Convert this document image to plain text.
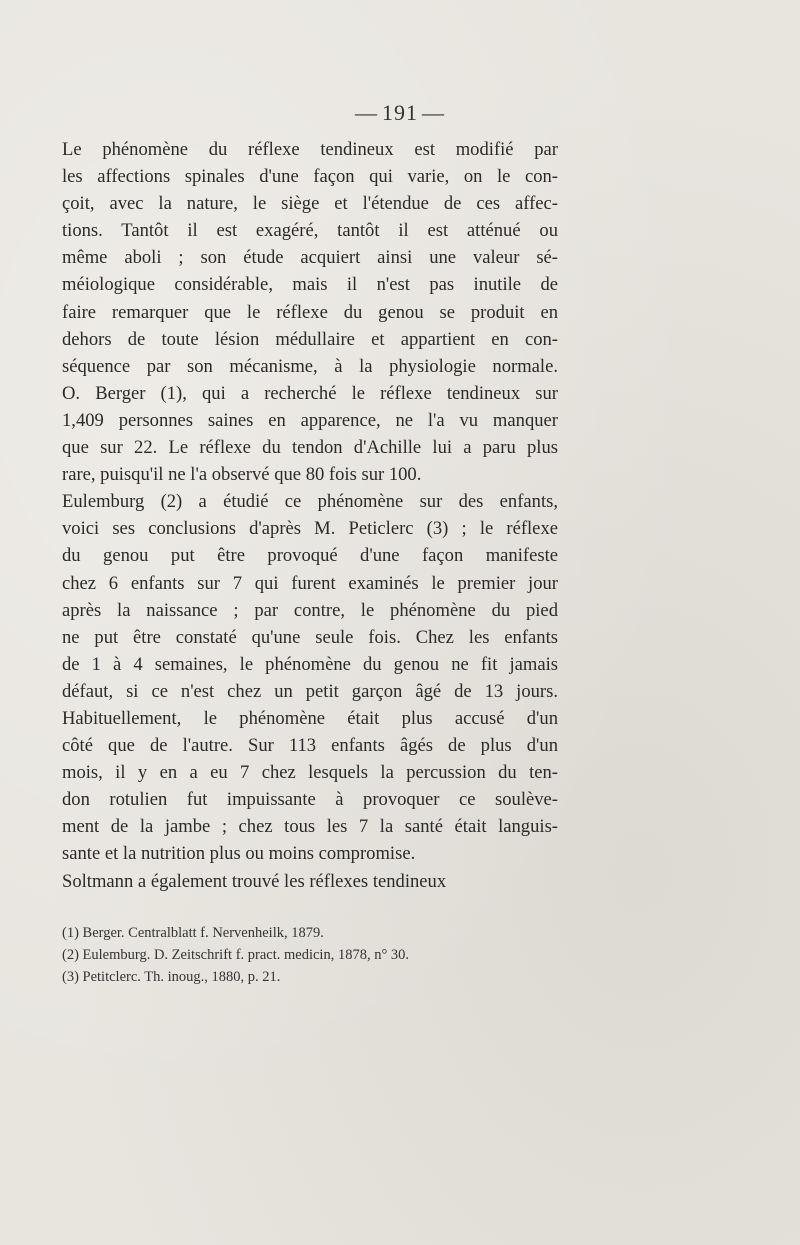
— 191 —
Le phénomène du réflexe tendineux est modifié par
les affections spinales d'une façon qui varie, on le con-
çoit, avec la nature, le siège et l'étendue de ces affec-
tions. Tantôt il est exagéré, tantôt il est atténué ou
même aboli ; son étude acquiert ainsi une valeur sé-
méiologique considérable, mais il n'est pas inutile de
faire remarquer que le réflexe du genou se produit en
dehors de toute lésion médullaire et appartient en con-
séquence par son mécanisme, à la physiologie normale.
O. Berger (1), qui a recherché le réflexe tendineux sur
1,409 personnes saines en apparence, ne l'a vu manquer
que sur 22. Le réflexe du tendon d'Achille lui a paru plus
rare, puisqu'il ne l'a observé que 80 fois sur 100.
Eulemburg (2) a étudié ce phénomène sur des enfants,
voici ses conclusions d'après M. Peticlerc (3) ; le réflexe
du genou put être provoqué d'une façon manifeste
chez 6 enfants sur 7 qui furent examinés le premier jour
après la naissance ; par contre, le phénomène du pied
ne put être constaté qu'une seule fois. Chez les enfants
de 1 à 4 semaines, le phénomène du genou ne fit jamais
défaut, si ce n'est chez un petit garçon âgé de 13 jours.
Habituellement, le phénomène était plus accusé d'un
côté que de l'autre. Sur 113 enfants âgés de plus d'un
mois, il y en a eu 7 chez lesquels la percussion du ten-
don rotulien fut impuissante à provoquer ce soulève-
ment de la jambe ; chez tous les 7 la santé était languis-
sante et la nutrition plus ou moins compromise.
Soltmann a également trouvé les réflexes tendineux
(1) Berger. Centralblatt f. Nervenheilk, 1879.
(2) Eulemburg. D. Zeitschrift f. pract. medicin, 1878, n° 30.
(3) Petitclerc. Th. inoug., 1880, p. 21.
